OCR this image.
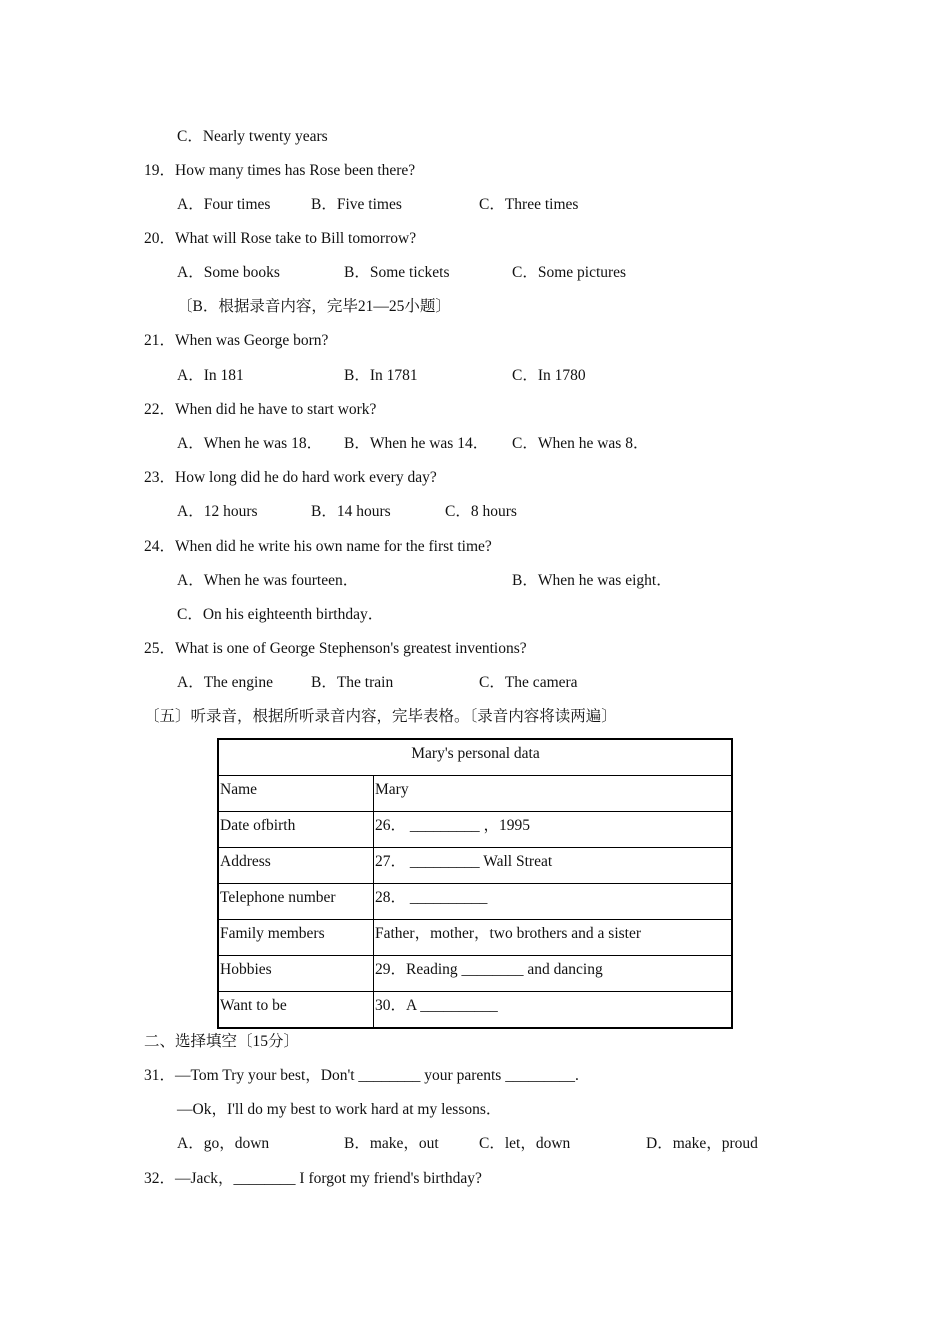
C．Nearly twenty years
19．How many times has Rose been there?
A．Four times	B．Five times	C．Three times
20．What will Rose take to Bill tomorrow?
A．Some books	B．Some tickets	C．Some pictures
〔B．根据录音内容，完毕21—25小题〕
21．When was George born?
A．In 181	B．In 1781	C．In 1780
22．When did he have to start work?
A．When he was 18． B．When he was 14． C．When he was 8．
23．How long did he do hard work every day?
A．12 hours	B．14 hours	C．8 hours
24．When did he write his own name for the first time?
A．When he was fourteen．	B．When he was eight．
C．On his eighteenth birthday．
25．What is one of George Stephenson's greatest inventions?
A．The engine B．The train	C．The camera
〔五〕听录音，根据所听录音内容，完毕表格。〔录音内容将读两遍〕
Mary's personal data	
Name	Mary
Date ofbirth	26． _________ ，1995
Address	27． _________ Wall Streat
Telephone number	28． __________
Family members	Father，mother，two brothers and a sister
Hobbies	29．Reading ________ and dancing
Want to be	30．A __________
二、选择填空〔15分〕
31．—Tom Try your best，Don't ________ your parents _________.
—Ok，I'll do my best to work hard at my lessons．
A．go，down	B．make，out	C．let，down	D．make，proud
32．—Jack，________ I forgot my friend's birthday?
